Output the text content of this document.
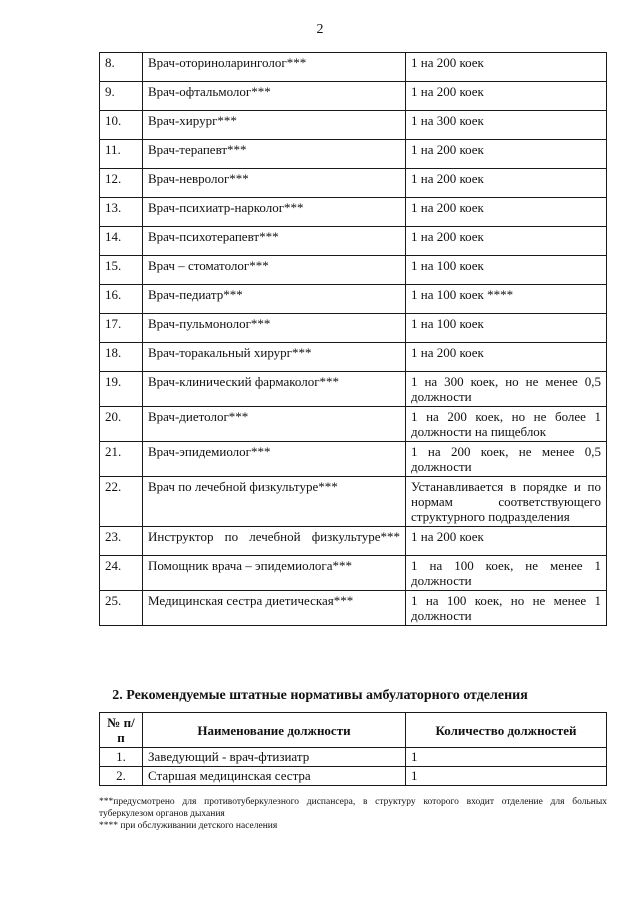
2
8.	Врач-оториноларинголог***	1 на 200 коек
9.	Врач-офтальмолог***	1 на 200 коек
10.	Врач-хирург***	1 на 300 коек
11.	Врач-терапевт***	1 на 200 коек
12.	Врач-невролог***	1 на 200 коек
13.	Врач-психиатр-нарколог***	1 на 200 коек
14.	Врач-психотерапевт***	1 на 200 коек
15.	Врач – стоматолог***	1 на 100 коек
16.	Врач-педиатр***	1 на 100 коек ****
17.	Врач-пульмонолог***	1 на 100 коек
18.	Врач-торакальный хирург***	1 на 200 коек
19.	Врач-клинический фармаколог***	1 на 300 коек, но не менее 0,5 должности
20.	Врач-диетолог***	1 на 200 коек, но не более 1 должности на пищеблок
21.	Врач-эпидемиолог***	1 на 200 коек, не менее 0,5 должности
22.	Врач по лечебной физкультуре***	Устанавливается в порядке и по нормам соответствующего структурного подразделения
23.	Инструктор по лечебной физкультуре***	1 на 200 коек
24.	Помощник врача – эпидемиолога***	1 на 100 коек, не менее 1 должности
25.	Медицинская сестра диетическая***	1 на 100 коек, но не менее 1 должности
2. Рекомендуемые штатные нормативы амбулаторного отделения
№ п/п	Наименование должности	Количество должностей
1.	Заведующий - врач-фтизиатр	1
2.	Старшая медицинская сестра	1

***предусмотрено для противотуберкулезного диспансера, в структуру которого входит отделение для больных туберкулезом органов дыхания

**** при обслуживании детского населения
